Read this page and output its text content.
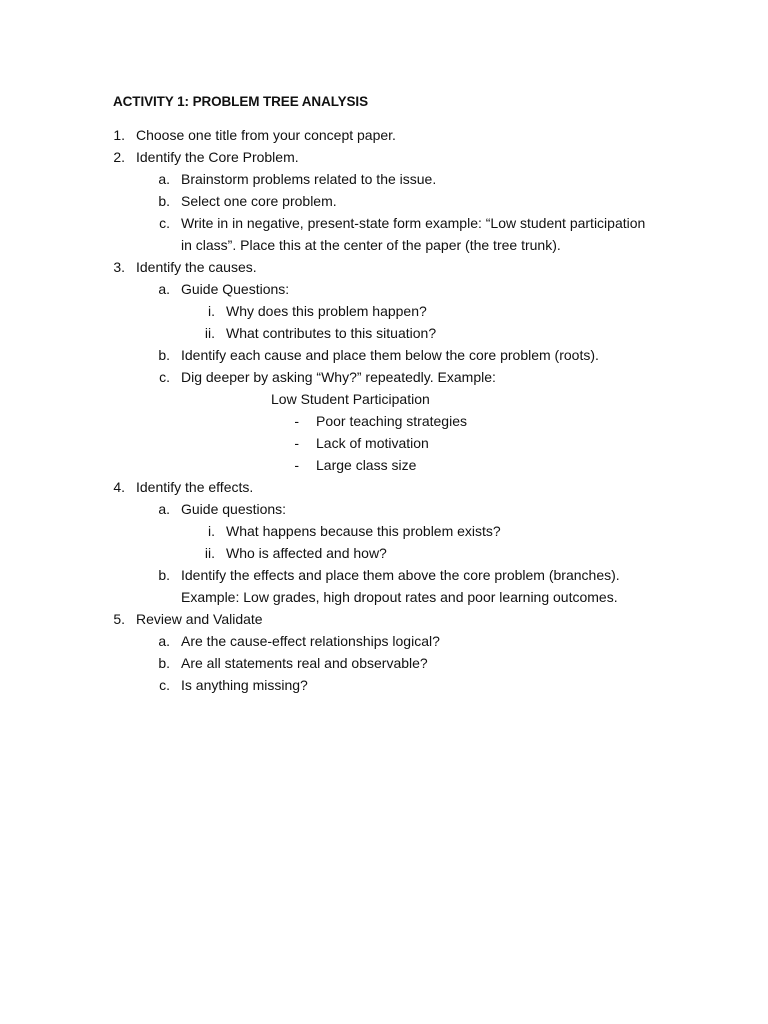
ACTIVITY 1: PROBLEM TREE ANALYSIS
1. Choose one title from your concept paper.
2. Identify the Core Problem.
a. Brainstorm problems related to the issue.
b. Select one core problem.
c. Write in in negative, present-state form example: “Low student participation
in class”. Place this at the center of the paper (the tree trunk).
3. Identify the causes.
a. Guide Questions:
i. Why does this problem happen?
ii. What contributes to this situation?
b. Identify each cause and place them below the core problem (roots).
c. Dig deeper by asking “Why?” repeatedly. Example:
Low Student Participation
- Poor teaching strategies
- Lack of motivation
- Large class size
4. Identify the effects.
a. Guide questions:
i. What happens because this problem exists?
ii. Who is affected and how?
b. Identify the effects and place them above the core problem (branches).
Example: Low grades, high dropout rates and poor learning outcomes.
5. Review and Validate
a. Are the cause-effect relationships logical?
b. Are all statements real and observable?
c. Is anything missing?
